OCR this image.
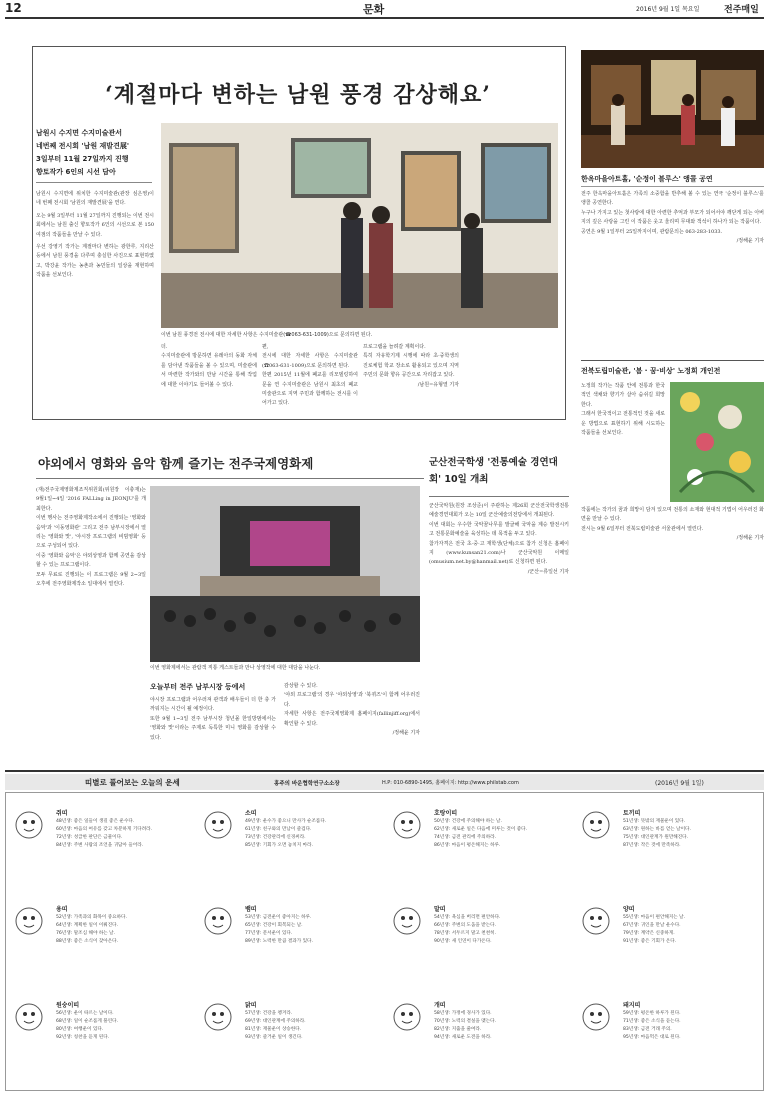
12	문화	2016년 9월 1일 목요일	전주매일
‘계절마다 변하는 남원 풍경 감상해요’
남원시 수지면 수지미술관서
네번째 전시회 '남원 재발견展'
3일부터 11월 27일까지 진행
향토작가 6인의 시선 담아

남원시 수지면에 위치한 수지미술관(관장 심은영)이 네 번째 전시회 '남원의 재발견展'을 연다.

오는 9월 3일부터 11월 27일까지 진행되는 이번 전시회에서는 남원 출신 향토작가 6인의 시선으로 본 150여점의 작품들을 만날 수 있다.

우선 강영기 작가는 계절마다 변하는 광한루, 지리산 등에서 남원 풍경을 다루며 충실한 사진으로 표현하였고, 박강윤 작가는 농촌과 농민들의 일상을 재현하며 작품을 선보인다.

이번 남원 풍경전 전시에 대한 자세한 사항은 수지미술관(☎063-631-1009)으로 문의하면 된다.

더.

수지미술관에 방문하면 유레아의 동화 자체를 담아낸 작품들을 볼 수 있으며, 미술관에서 마련한 작가와의 만남 시간을 통해 작업에 대한 이야기도 들어볼 수 있다.

편,

전시에 대한 자세한 사항은 수지미술관(☎063-631-1009)으로 문의하면 된다.

한편 2015년 11월에 폐교를 리모델링하여 문을 연 수지미술관은 남원시 최초의 폐교 미술관으로 지역 주민과 함께하는 전시를 이어가고 있다.

프로그램을 늘려갈 계획이다.

특히 자유학기제 시행에 따라 초·중학생의 진로체험 학교 장소로 활용되고 있으며 지역 주민의 문화 향유 공간으로 자리잡고 있다.

/남원=유형열 기자

한옥마을아트홀, '순정이 블루스' 앵콜 공연

전주 한옥마을아트홀은 가족의 소중함을 반추해 볼 수 있는 연극 '순정이 블루스'를 앵콜 공연한다.

누구나 가지고 있는 첫사랑에 대한 아련한 추억과 부모가 되어서야 깨닫게 되는 아버지의 깊은 사랑을 그린 이 작품은 웃고 울리며 무대와 객석이 하나가 되는 작품이다.

공연은 9월 1일부터 25일까지이며, 관람문의는 063-283-1033.

/정해윤 기자

전북도립미술관, '봄 · 꿈·비상' 노정희 개인전

노정희 작가는 작품 안에 전통과 한국적인 색채와 향기가 살아 숨쉬길 희망한다.

그래서 한국적이고 전통적인 것을 새로운 방법으로 표현하기 위해 시도하는 작품들을 선보인다.

작품에는 작가의 꿈과 희망이 담겨 있으며 전통의 소재와 현대적 기법이 어우러진 화면을 만날 수 있다.

전시는 9월 6일부터 전북도립미술관 서울관에서 열린다.

/정해윤 기자

야외에서 영화와 음악 함께 즐기는 전주국제영화제

(재)전주국제영화제조직위원회(위원장 이충재)는 9월1일~4일 '2016 FALLing in JEONJU'를 개최한다.

이번 행사는 전주영화제작소에서 진행되는 '영화와 음악'과 '이동영화관' 그리고 전주 남부시장에서 열리는 '영화와 맛', '야시장 프로그램의 비빔영화' 등으로 구성되어 있다.

이중 '영화와 음악'은 야외상영과 함께 공연을 감상할 수 있는 프로그램이다.

모두 무료로 진행되는 이 프로그램은 9월 2~3일 오후에 전주영화제작소 일대에서 열린다.

이번 영화제에서는 관람객 직통 게스트들과 만나 상영작에 대한 대담을 나눈다.
오늘부터 전주 남부시장 등에서

야시장 프로그램과 어우러져 관객과 배우들이 더 한 층 가까워지는 시간이 될 예정이다.

또한 9월 1~3일 전주 남부시장 청년몰 한일방범에서는 '영화와 맛'이라는 주제로 독특한 미니 영화를 감상할 수 있다.

감상할 수 있다.

'야외 프로그램'의 경우 '야외상영'과 '북퀴즈'이 함께 어우러진다.

자세한 사항은 전주국제영화제 홈페이지(fallinjiff.org)에서 확인할 수 있다.

/정해윤 기자

군산전국학생 '전통예술 경연대회' 10일 개최

군산국악원(원장 조상준)이 주관하는 제26회 군산전국학생전통예술경연대회가 오는 10일 군산예술의전당에서 개최된다.

이번 대회는 우수한 국악꿈나무를 발굴해 국악을 계승 발전시키고 전통문화예술을 육성하는 데 목적을 두고 있다.

참가자격은 전국 초·중·고 재학생(단체)으로 참가 신청은 홈페이지 (www.kunsan21.com)나 군산국악원 이메일(omusium.net.by@hanmail.net)로 신청하면 된다.

/군산=류일선 기자

띠별로 풀어보는 오늘의 운세	홍주의 바운협학연구소소장	H.P: 010-6890-1495, 홈페이지: http://www.philstab.com	(2016년 9월 1일)
쥐띠
48년생: 좋은 일들이 생길 좋은 운수다.
60년생: 마음의 여유를 갖고 차분하게 기다려라.
72년생: 성급한 판단은 금물이다.
84년생: 주변 사람의 조언을 귀담아 들어라.
소띠
49년생: 운수가 좋으니 만사가 순조롭다.
61년생: 친구와의 만남이 즐겁다.
73년생: 건강관리에 신경써라.
85년생: 기회가 오면 놓치지 마라.
호랑이띠
50년생: 건강에 주의해야 하는 날.
62년생: 새로운 일은 다음에 미루는 것이 좋다.
74년생: 금전 관리에 주의하라.
86년생: 마음이 평온해지는 하루.
토끼띠
51년생: 뜻밖의 재물운이 있다.
63년생: 원하는 바를 얻는 날이다.
75년생: 대인관계가 원만해진다.
87년생: 작은 것에 만족하라.
용띠
52년생: 가족과의 화목이 중요하다.
64년생: 계획한 일이 이뤄진다.
76년생: 말조심 해야 하는 날.
88년생: 좋은 소식이 찾아온다.
뱀띠
53년생: 금전운이 좋아지는 하루.
65년생: 건강이 회복되는 날.
77년생: 문서운이 있다.
89년생: 노력한 만큼 결과가 있다.
말띠
54년생: 욕심을 버리면 편안하다.
66년생: 주변의 도움을 받는다.
78년생: 서두르지 말고 천천히.
90년생: 새 인연이 다가온다.
양띠
55년생: 마음이 편안해지는 날.
67년생: 귀인을 만날 운수다.
79년생: 계약은 신중하게.
91년생: 좋은 기회가 온다.
원숭이띠
56년생: 운이 따르는 날이다.
68년생: 일이 순조롭게 풀린다.
80년생: 여행운이 있다.
92년생: 칭찬을 듣게 된다.
닭띠
57년생: 건강을 챙겨라.
69년생: 대인관계에 주의하라.
81년생: 재물운이 상승한다.
93년생: 즐거운 일이 생긴다.
개띠
58년생: 가정에 경사가 있다.
70년생: 노력의 결실을 맺는다.
82년생: 지출을 줄여라.
94년생: 새로운 도전을 하라.
돼지띠
59년생: 평온한 하루가 된다.
71년생: 좋은 소식을 듣는다.
83년생: 금전 거래 주의.
95년생: 마음먹은 대로 된다.
